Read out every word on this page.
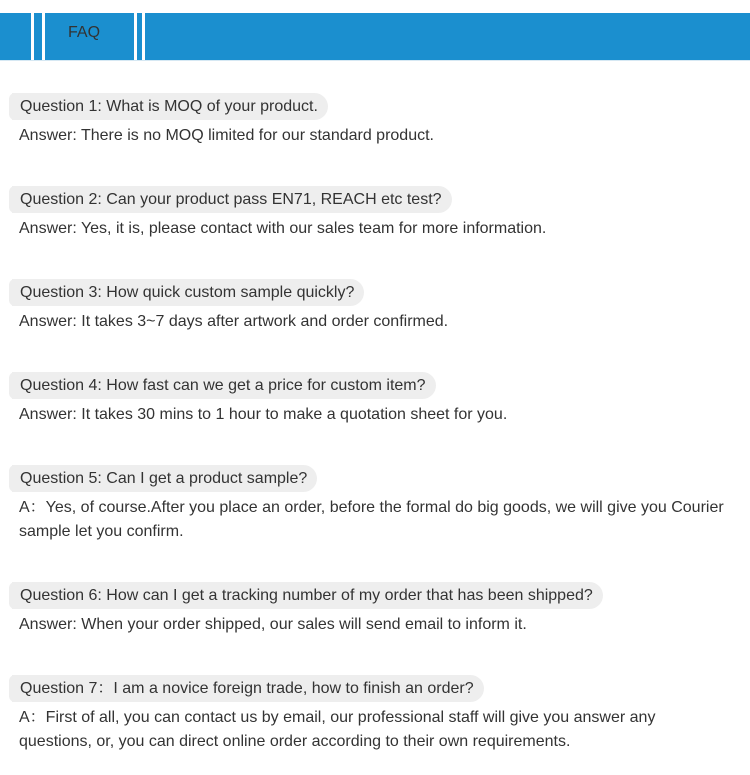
FAQ
Question 1: What is MOQ of your product.
Answer: There is no MOQ limited for our standard product.
Question 2: Can your product pass EN71, REACH etc test?
Answer: Yes, it is, please contact with our sales team for more information.
Question 3: How quick custom sample quickly?
Answer: It takes 3~7 days after artwork and order confirmed.
Question 4: How fast can we get a price for custom item?
Answer: It takes 30 mins to 1 hour to make a quotation sheet for you.
Question 5: Can I get a product sample?
A：Yes, of course.After you place an order, before the formal do big goods, we will give you Courier sample let you confirm.
Question 6: How can I get a tracking number of my order that has been shipped?
Answer: When your order shipped, our sales will send email to inform it.
Question 7：I am a novice foreign trade, how to finish an order?
A：First of all, you can contact us by email, our professional staff will give you answer any questions, or, you can direct online order according to their own requirements.
